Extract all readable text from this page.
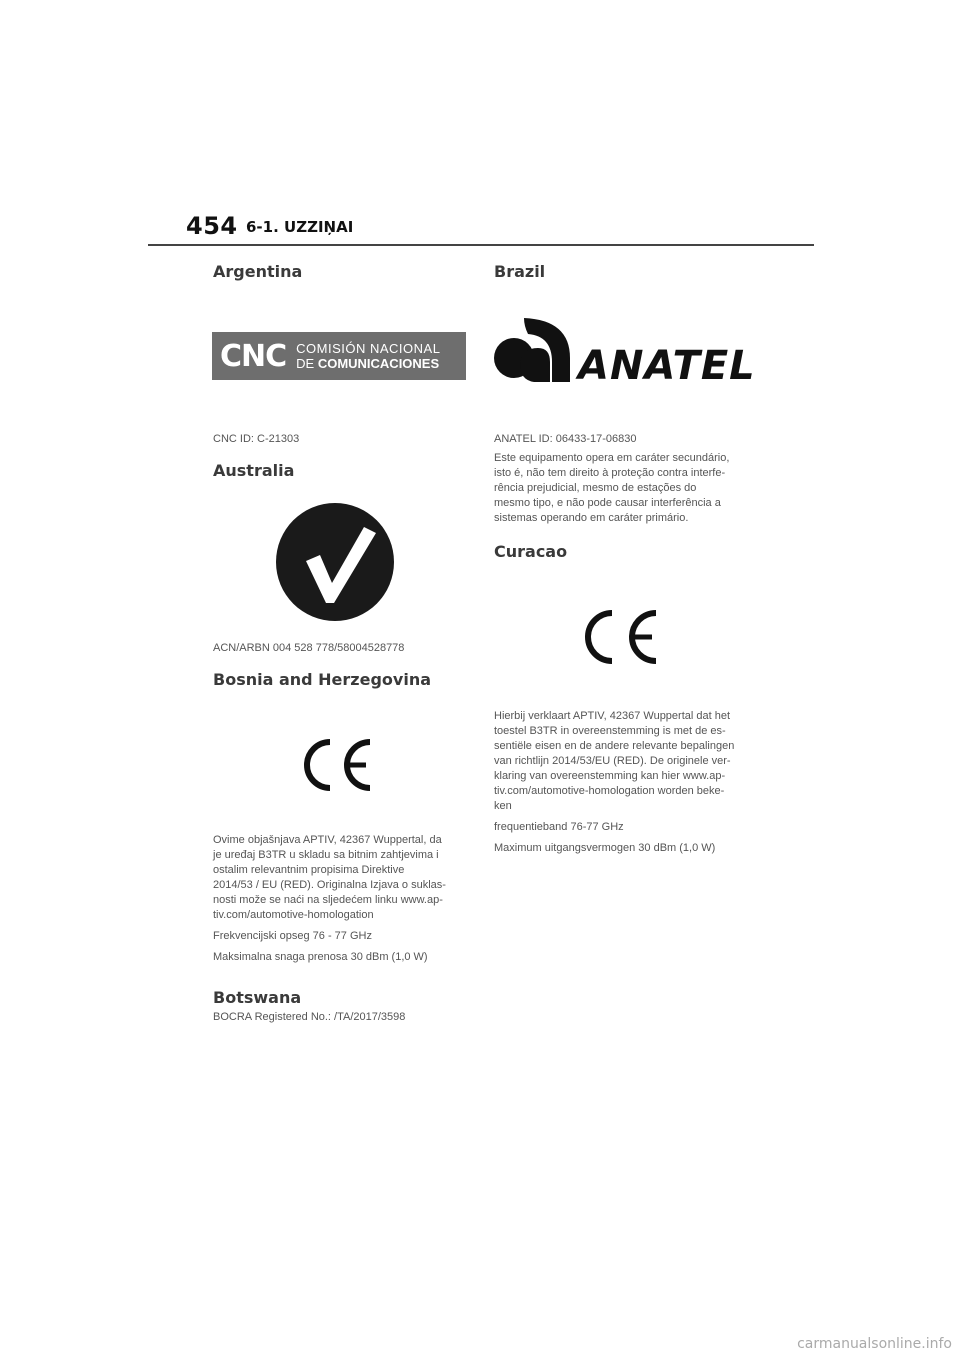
454 6-1. UZZIŅAI
Argentina
CNC COMISIÓN NACIONAL
DE COMUNICACIONES

CNC ID: C-21303

Australia

ACN/ARBN 004 528 778/58004528778

Bosnia and Herzegovina

Ovime objašnjava APTIV, 42367 Wuppertal, da

je uređaj B3TR u skladu sa bitnim zahtjevima i

ostalim relevantnim propisima Direktive

2014/53 / EU (RED). Originalna Izjava o suklas-

nosti može se naći na sljedećem linku www.ap-

tiv.com/automotive-homologation

Frekvencijski opseg 76 - 77 GHz

Maksimalna snaga prenosa 30 dBm (1,0 W)

Botswana

BOCRA Registered No.: /TA/2017/3598

Brazil
ANATEL

ANATEL ID: 06433-17-06830

Este equipamento opera em caráter secundário,

isto é, não tem direito à proteção contra interfe-

rência prejudicial, mesmo de estações do

mesmo tipo, e não pode causar interferência a

sistemas operando em caráter primário.

Curacao

Hierbij verklaart APTIV, 42367 Wuppertal dat het

toestel B3TR in overeenstemming is met de es-

sentiële eisen en de andere relevante bepalingen

van richtlijn 2014/53/EU (RED). De originele ver-

klaring van overeenstemming kan hier www.ap-

tiv.com/automotive-homologation worden beke-

ken

frequentieband 76-77 GHz

Maximum uitgangsvermogen 30 dBm (1,0 W)

carmanualsonline.info
